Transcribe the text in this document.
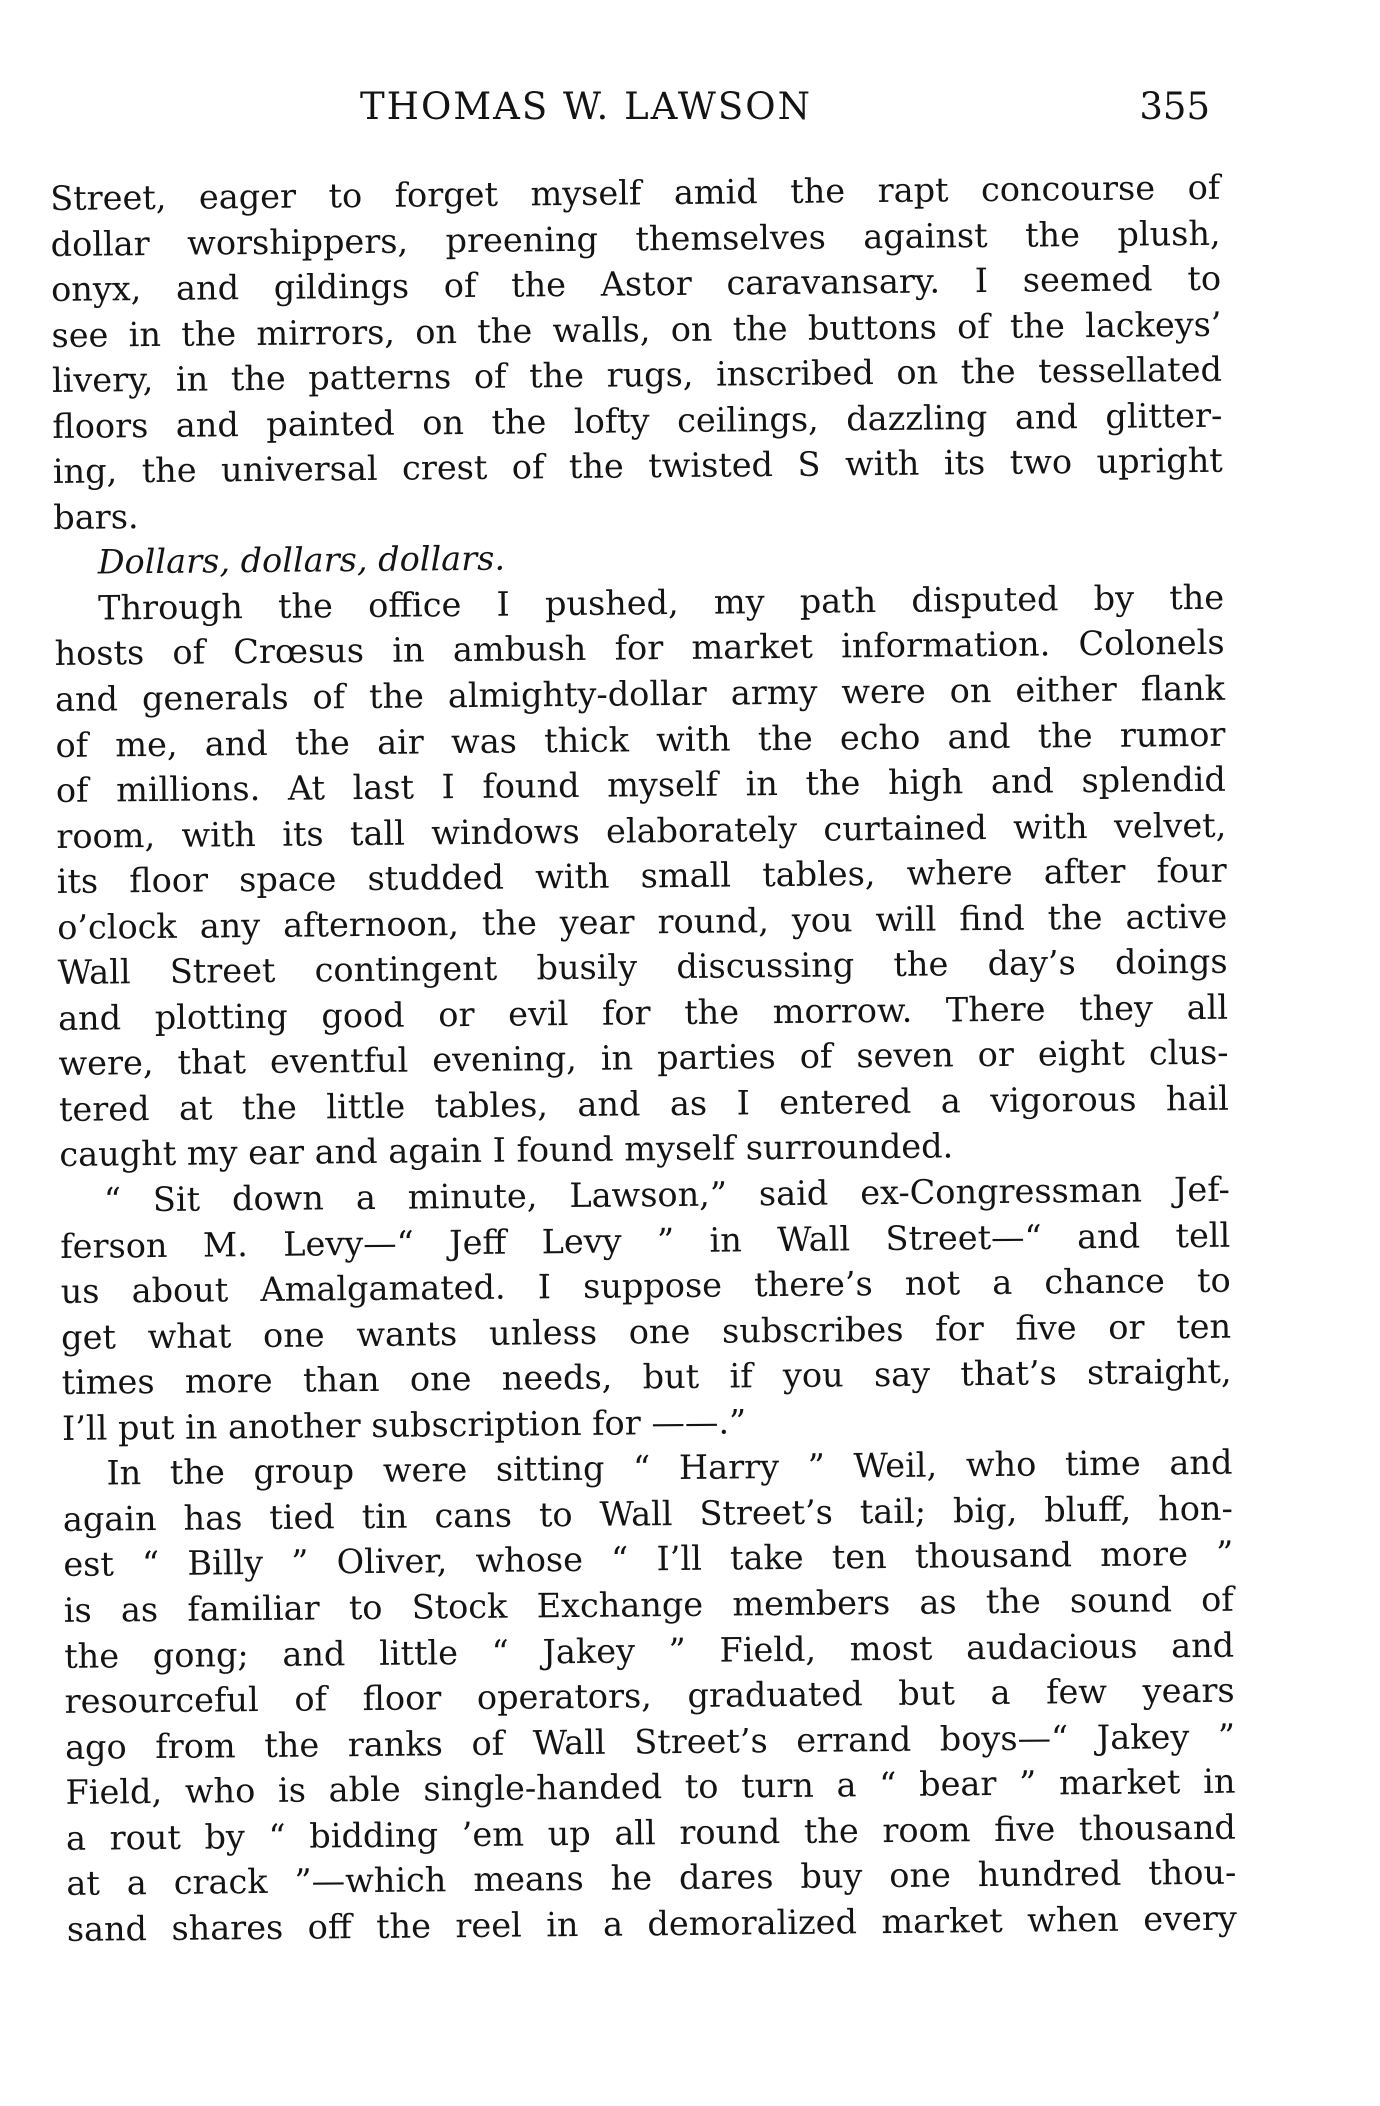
THOMAS W. LAWSON	355
Street, eager to forget myself amid the rapt concourse of
dollar worshippers, preening themselves against the plush,
onyx, and gildings of the Astor caravansary. I seemed to
see in the mirrors, on the walls, on the buttons of the lackeys’
livery, in the patterns of the rugs, inscribed on the tessellated
floors and painted on the lofty ceilings, dazzling and glitter-
ing, the universal crest of the twisted S with its two upright
bars.
Dollars, dollars, dollars.
Through the office I pushed, my path disputed by the
hosts of Crœsus in ambush for market information. Colonels
and generals of the almighty-dollar army were on either flank
of me, and the air was thick with the echo and the rumor
of millions. At last I found myself in the high and splendid
room, with its tall windows elaborately curtained with velvet,
its floor space studded with small tables, where after four
o’clock any afternoon, the year round, you will find the active
Wall Street contingent busily discussing the day’s doings
and plotting good or evil for the morrow. There they all
were, that eventful evening, in parties of seven or eight clus-
tered at the little tables, and as I entered a vigorous hail
caught my ear and again I found myself surrounded.
“ Sit down a minute, Lawson,” said ex-Congressman Jef-
ferson M. Levy—“ Jeff Levy ” in Wall Street—“ and tell
us about Amalgamated. I suppose there’s not a chance to
get what one wants unless one subscribes for five or ten
times more than one needs, but if you say that’s straight,
I’ll put in another subscription for ——.”
In the group were sitting “ Harry ” Weil, who time and
again has tied tin cans to Wall Street’s tail; big, bluff, hon-
est “ Billy ” Oliver, whose “ I’ll take ten thousand more ”
is as familiar to Stock Exchange members as the sound of
the gong; and little “ Jakey ” Field, most audacious and
resourceful of floor operators, graduated but a few years
ago from the ranks of Wall Street’s errand boys—“ Jakey ”
Field, who is able single-handed to turn a “ bear ” market in
a rout by “ bidding ’em up all round the room five thousand
at a crack ”—which means he dares buy one hundred thou-
sand shares off the reel in a demoralized market when every
